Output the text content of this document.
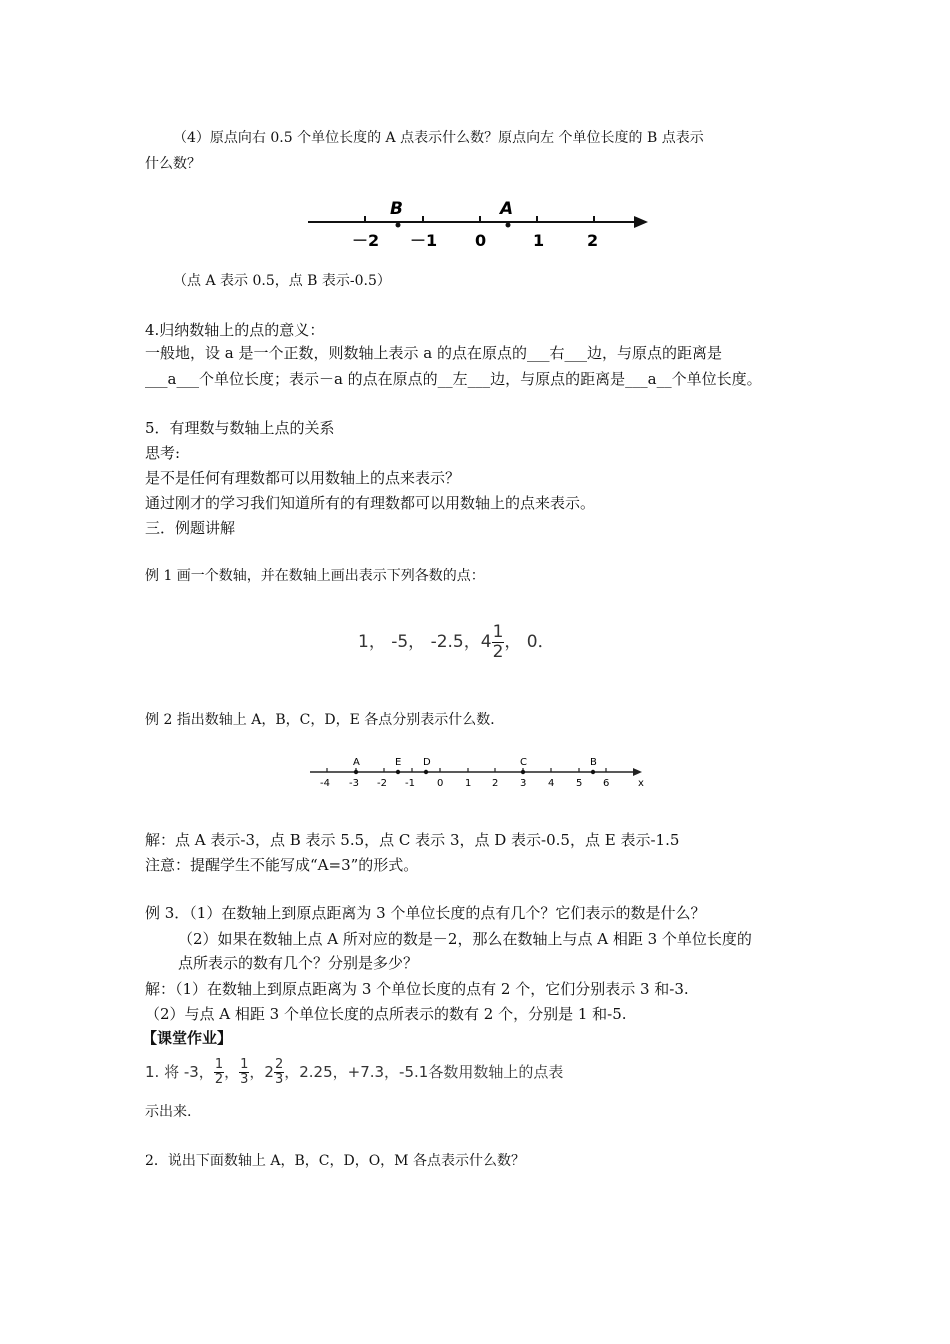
（4）原点向右 0.5 个单位长度的 A 点表示什么数？原点向左 个单位长度的 B 点表示
什么数？
B	A
－2 －1 0	1	2
（点 A 表示 0.5，点 B 表示-0.5）
4.归纳数轴上的点的意义：
一般地，设 a 是一个正数，则数轴上表示 a 的点在原点的___右___边，与原点的距离是
___a___个单位长度；表示－a 的点在原点的__左___边，与原点的距离是___a__个单位长度。
5．有理数与数轴上点的关系
思考:
是不是任何有理数都可以用数轴上的点来表示？
通过刚才的学习我们知道所有的有理数都可以用数轴上的点来表示。
三．例题讲解
例 1 画一个数轴，并在数轴上画出表示下列各数的点：
1， -5， -2.5，$4 \frac{1}{2}$ ， 0．
例 2 指出数轴上 A，B，C，D，E 各点分别表示什么数．
A	E D	C	B
-4 -3 -2 -1 0 1 2 3 4 5 6	x
解：点 A 表示-3，点 B 表示 5.5，点 C 表示 3，点 D 表示-0.5，点 E 表示-1.5
注意：提醒学生不能写成“A=3”的形式。
例 3．（1）在数轴上到原点距离为 3 个单位长度的点有几个？它们表示的数是什么？
（2）如果在数轴上点 A 所对应的数是－2，那么在数轴上与点 A 相距 3 个单位长度的
点所表示的数有几个？分别是多少？
解：（1）在数轴上到原点距离为 3 个单位长度的点有 2 个，它们分别表示 3 和-3.
（2）与点 A 相距 3 个单位长度的点所表示的数有 2 个，分别是 1 和-5.
【课堂作业】
1. 将 -3， $\frac{1}{2}$ ， $\frac{1}{3}$ ，$2 \frac{2}{3}$ ，2.25，+7.3，-5.1各数用数轴上的点表
示出来.
2．说出下面数轴上 A，B，C，D，O，M 各点表示什么数？
